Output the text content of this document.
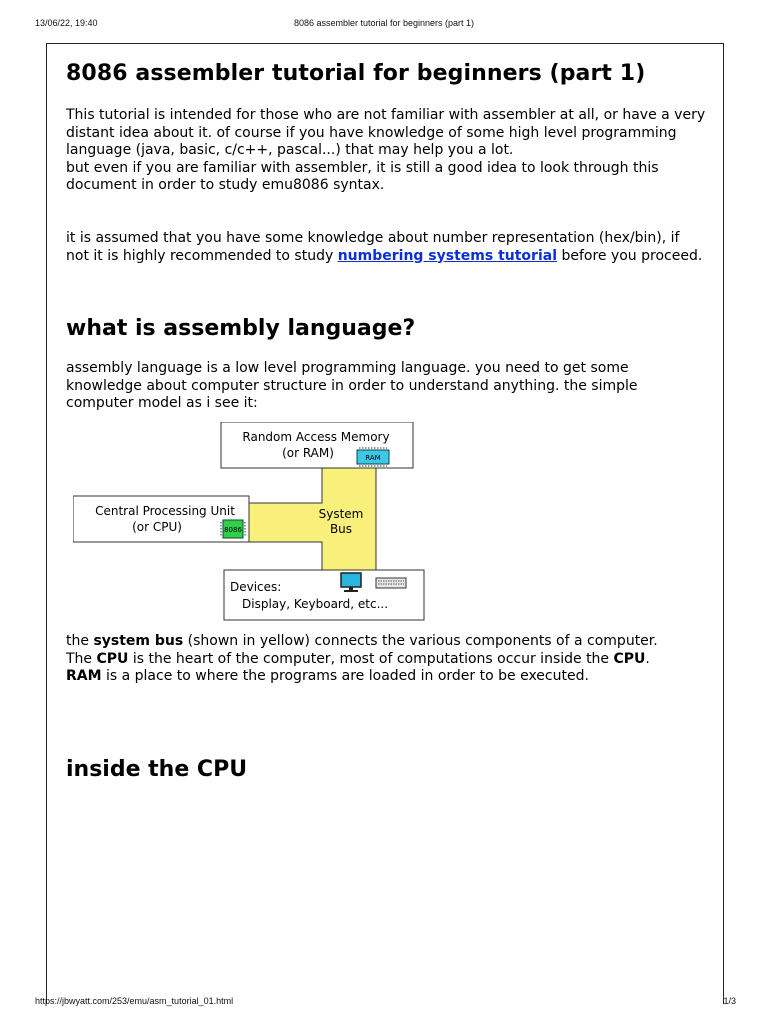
13/06/22, 19:40	8086 assembler tutorial for beginners (part 1)
8086 assembler tutorial for beginners (part 1)

This tutorial is intended for those who are not familiar with assembler at all, or have a very distant idea about it. of course if you have knowledge of some high level programming language (java, basic, c/c++, pascal...) that may help you a lot.
but even if you are familiar with assembler, it is still a good idea to look through this document in order to study emu8086 syntax.

it is assumed that you have some knowledge about number representation (hex/bin), if not it is highly recommended to study numbering systems tutorial before you proceed.

what is assembly language?

assembly language is a low level programming language. you need to get some knowledge about computer structure in order to understand anything. the simple computer model as i see it:

Random Access Memory
(or RAM)	RAM
Central Processing Unit
(or CPU)	8086
System
Bus
Devices:
Display, Keyboard, etc...

the system bus (shown in yellow) connects the various components of a computer.
The CPU is the heart of the computer, most of computations occur inside the CPU.
RAM is a place to where the programs are loaded in order to be executed.

inside the CPU
https://jbwyatt.com/253/emu/asm_tutorial_01.html	1/3
